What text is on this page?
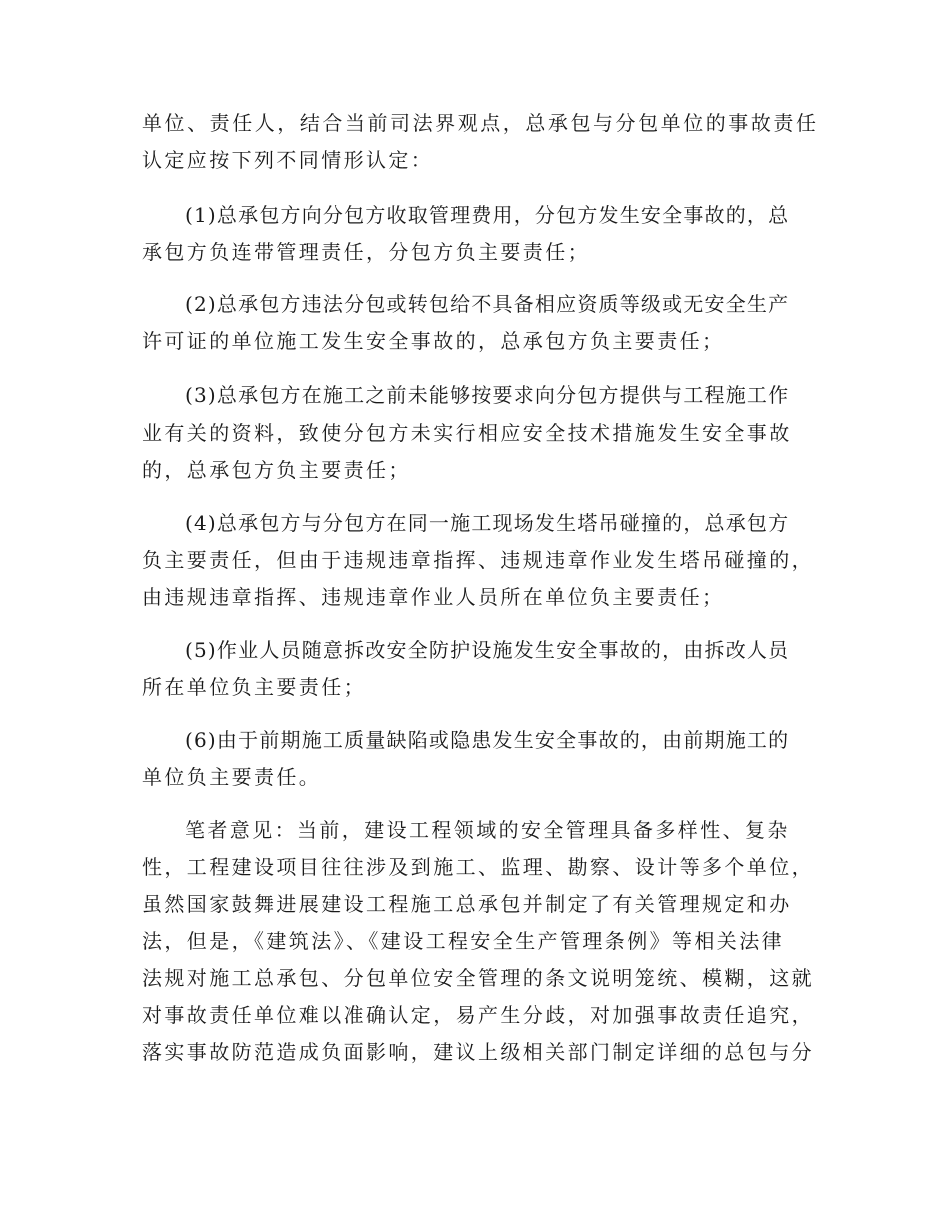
单位、责任人，结合当前司法界观点，总承包与分包单位的事故责任

认定应按下列不同情形认定：

(1)总承包方向分包方收取管理费用，分包方发生安全事故的，总

承包方负连带管理责任，分包方负主要责任；

(2)总承包方违法分包或转包给不具备相应资质等级或无安全生产

许可证的单位施工发生安全事故的，总承包方负主要责任；

(3)总承包方在施工之前未能够按要求向分包方提供与工程施工作

业有关的资料，致使分包方未实行相应安全技术措施发生安全事故

的，总承包方负主要责任；

(4)总承包方与分包方在同一施工现场发生塔吊碰撞的，总承包方

负主要责任，但由于违规违章指挥、违规违章作业发生塔吊碰撞的，

由违规违章指挥、违规违章作业人员所在单位负主要责任；

(5)作业人员随意拆改安全防护设施发生安全事故的，由拆改人员

所在单位负主要责任；

(6)由于前期施工质量缺陷或隐患发生安全事故的，由前期施工的

单位负主要责任。

笔者意见：当前，建设工程领域的安全管理具备多样性、复杂

性，工程建设项目往往涉及到施工、监理、勘察、设计等多个单位，

虽然国家鼓舞进展建设工程施工总承包并制定了有关管理规定和办

法，但是，《建筑法》、《建设工程安全生产管理条例》等相关法律

法规对施工总承包、分包单位安全管理的条文说明笼统、模糊，这就

对事故责任单位难以准确认定，易产生分歧，对加强事故责任追究，

落实事故防范造成负面影响，建议上级相关部门制定详细的总包与分
